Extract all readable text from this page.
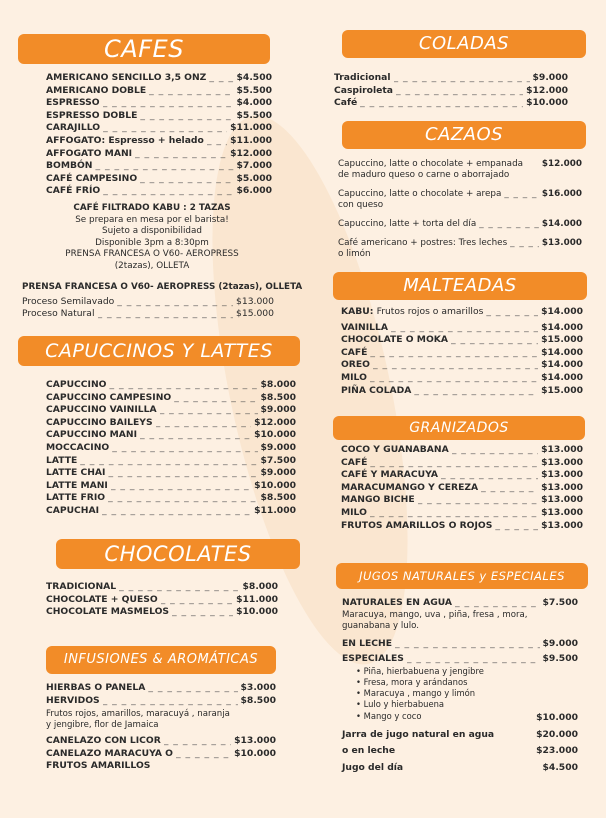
CAFES
AMERICANO SENCILLO 3,5 ONZ _ _ _	$4.500
AMERICANO DOBLE _ _ _	$5.500
ESPRESSO _ _ _	$4.000
ESPRESSO DOBLE _ _ _	$5.500
CARAJILLO _ _ _	$11.000
AFFOGATO: Espresso + helado _ _ _	$11.000
AFFOGATO MANI _ _ _	$12.000
BOMBÓN _ _ _	$7.000
CAFÉ CAMPESINO _ _ _	$5.000
CAFÉ FRÍO _ _ _	$6.000
CAFÉ FILTRADO KABU : 2 TAZAS
Se prepara en mesa por el barista!
Sujeto a disponibilidad
Disponible 3pm a 8:30pm
PRENSA FRANCESA O V60- AEROPRESS
(2tazas), OLLETA
PRENSA FRANCESA O V60- AEROPRESS (2tazas), OLLETA
Proceso Semilavado _ _ _	$13.000
Proceso Natural _ _ _	$15.000
CAPUCCINOS Y LATTES
CAPUCCINO _ _ _	$8.000
CAPUCCINO CAMPESINO _ _ _	$8.500
CAPUCCINO VAINILLA _ _ _	$9.000
CAPUCCINO BAILEYS _ _ _	$12.000
CAPUCCINO MANI _ _ _	$10.000
MOCCACINO _ _ _	$9.000
LATTE _ _ _	$7.500
LATTE CHAI _ _ _	$9.000
LATTE MANI _ _ _	$10.000
LATTE FRIO _ _ _	$8.500
CAPUCHAI _ _ _	$11.000
CHOCOLATES
TRADICIONAL _ _ _	$8.000
CHOCOLATE + QUESO _ _ _	$11.000
CHOCOLATE MASMELOS _ _ _	$10.000
INFUSIONES & AROMÁTICAS
HIERBAS O PANELA _ _ _	$3.000
HERVIDOS _ _ _	$8.500
Frutos rojos, amarillos, maracuyá , naranja
y jengibre, flor de Jamaica
CANELAZO CON LICOR _ _ _	$13.000
CANELAZO MARACUYA O _ _ _	$10.000
FRUTOS AMARILLOS
COLADAS
Tradicional _ _ _	$9.000
Caspiroleta _ _ _	$12.000
Café _ _ _	$10.000
CAZAOS
Capuccino, latte o chocolate + empanada $12.000
de maduro queso o carne o aborrajado
Capuccino, latte o chocolate + arepa _ _ _	$16.000
con queso
Capuccino, latte + torta del día _ _ _	$14.000
Café americano + postres: Tres leches _ _ _	$13.000
o limón
MALTEADAS
KABU: Frutos rojos o amarillos _ _ _	$14.000
VAINILLA _ _ _	$14.000
CHOCOLATE O MOKA _ _ _	$15.000
CAFÉ _ _ _	$14.000
OREO _ _ _	$14.000
MILO _ _ _	$14.000
PIÑA COLADA _ _ _	$15.000
GRANIZADOS
COCO Y GUANABANA _ _ _	$13.000
CAFÉ _ _ _	$13.000
CAFÉ Y MARACUYA _ _ _	$13.000
MARACUMANGO Y CEREZA _ _ _	$13.000
MANGO BICHE _ _ _	$13.000
MILO _ _ _	$13.000
FRUTOS AMARILLOS O ROJOS _ _ _	$13.000
JUGOS NATURALES y ESPECIALES
NATURALES EN AGUA _ _ _	$7.500
Maracuya, mango, uva , piña, fresa , mora,
guanabana y lulo.
EN LECHE _ _ _	$9.000
ESPECIALES _ _ _	$9.500
• Piña, hierbabuena y jengibre
• Fresa, mora y arándanos
• Maracuya , mango y limón
• Lulo y hierbabuena
• Mango y coco	$10.000
Jarra de jugo natural en agua	$20.000
o en leche	$23.000
Jugo del día	$4.500
